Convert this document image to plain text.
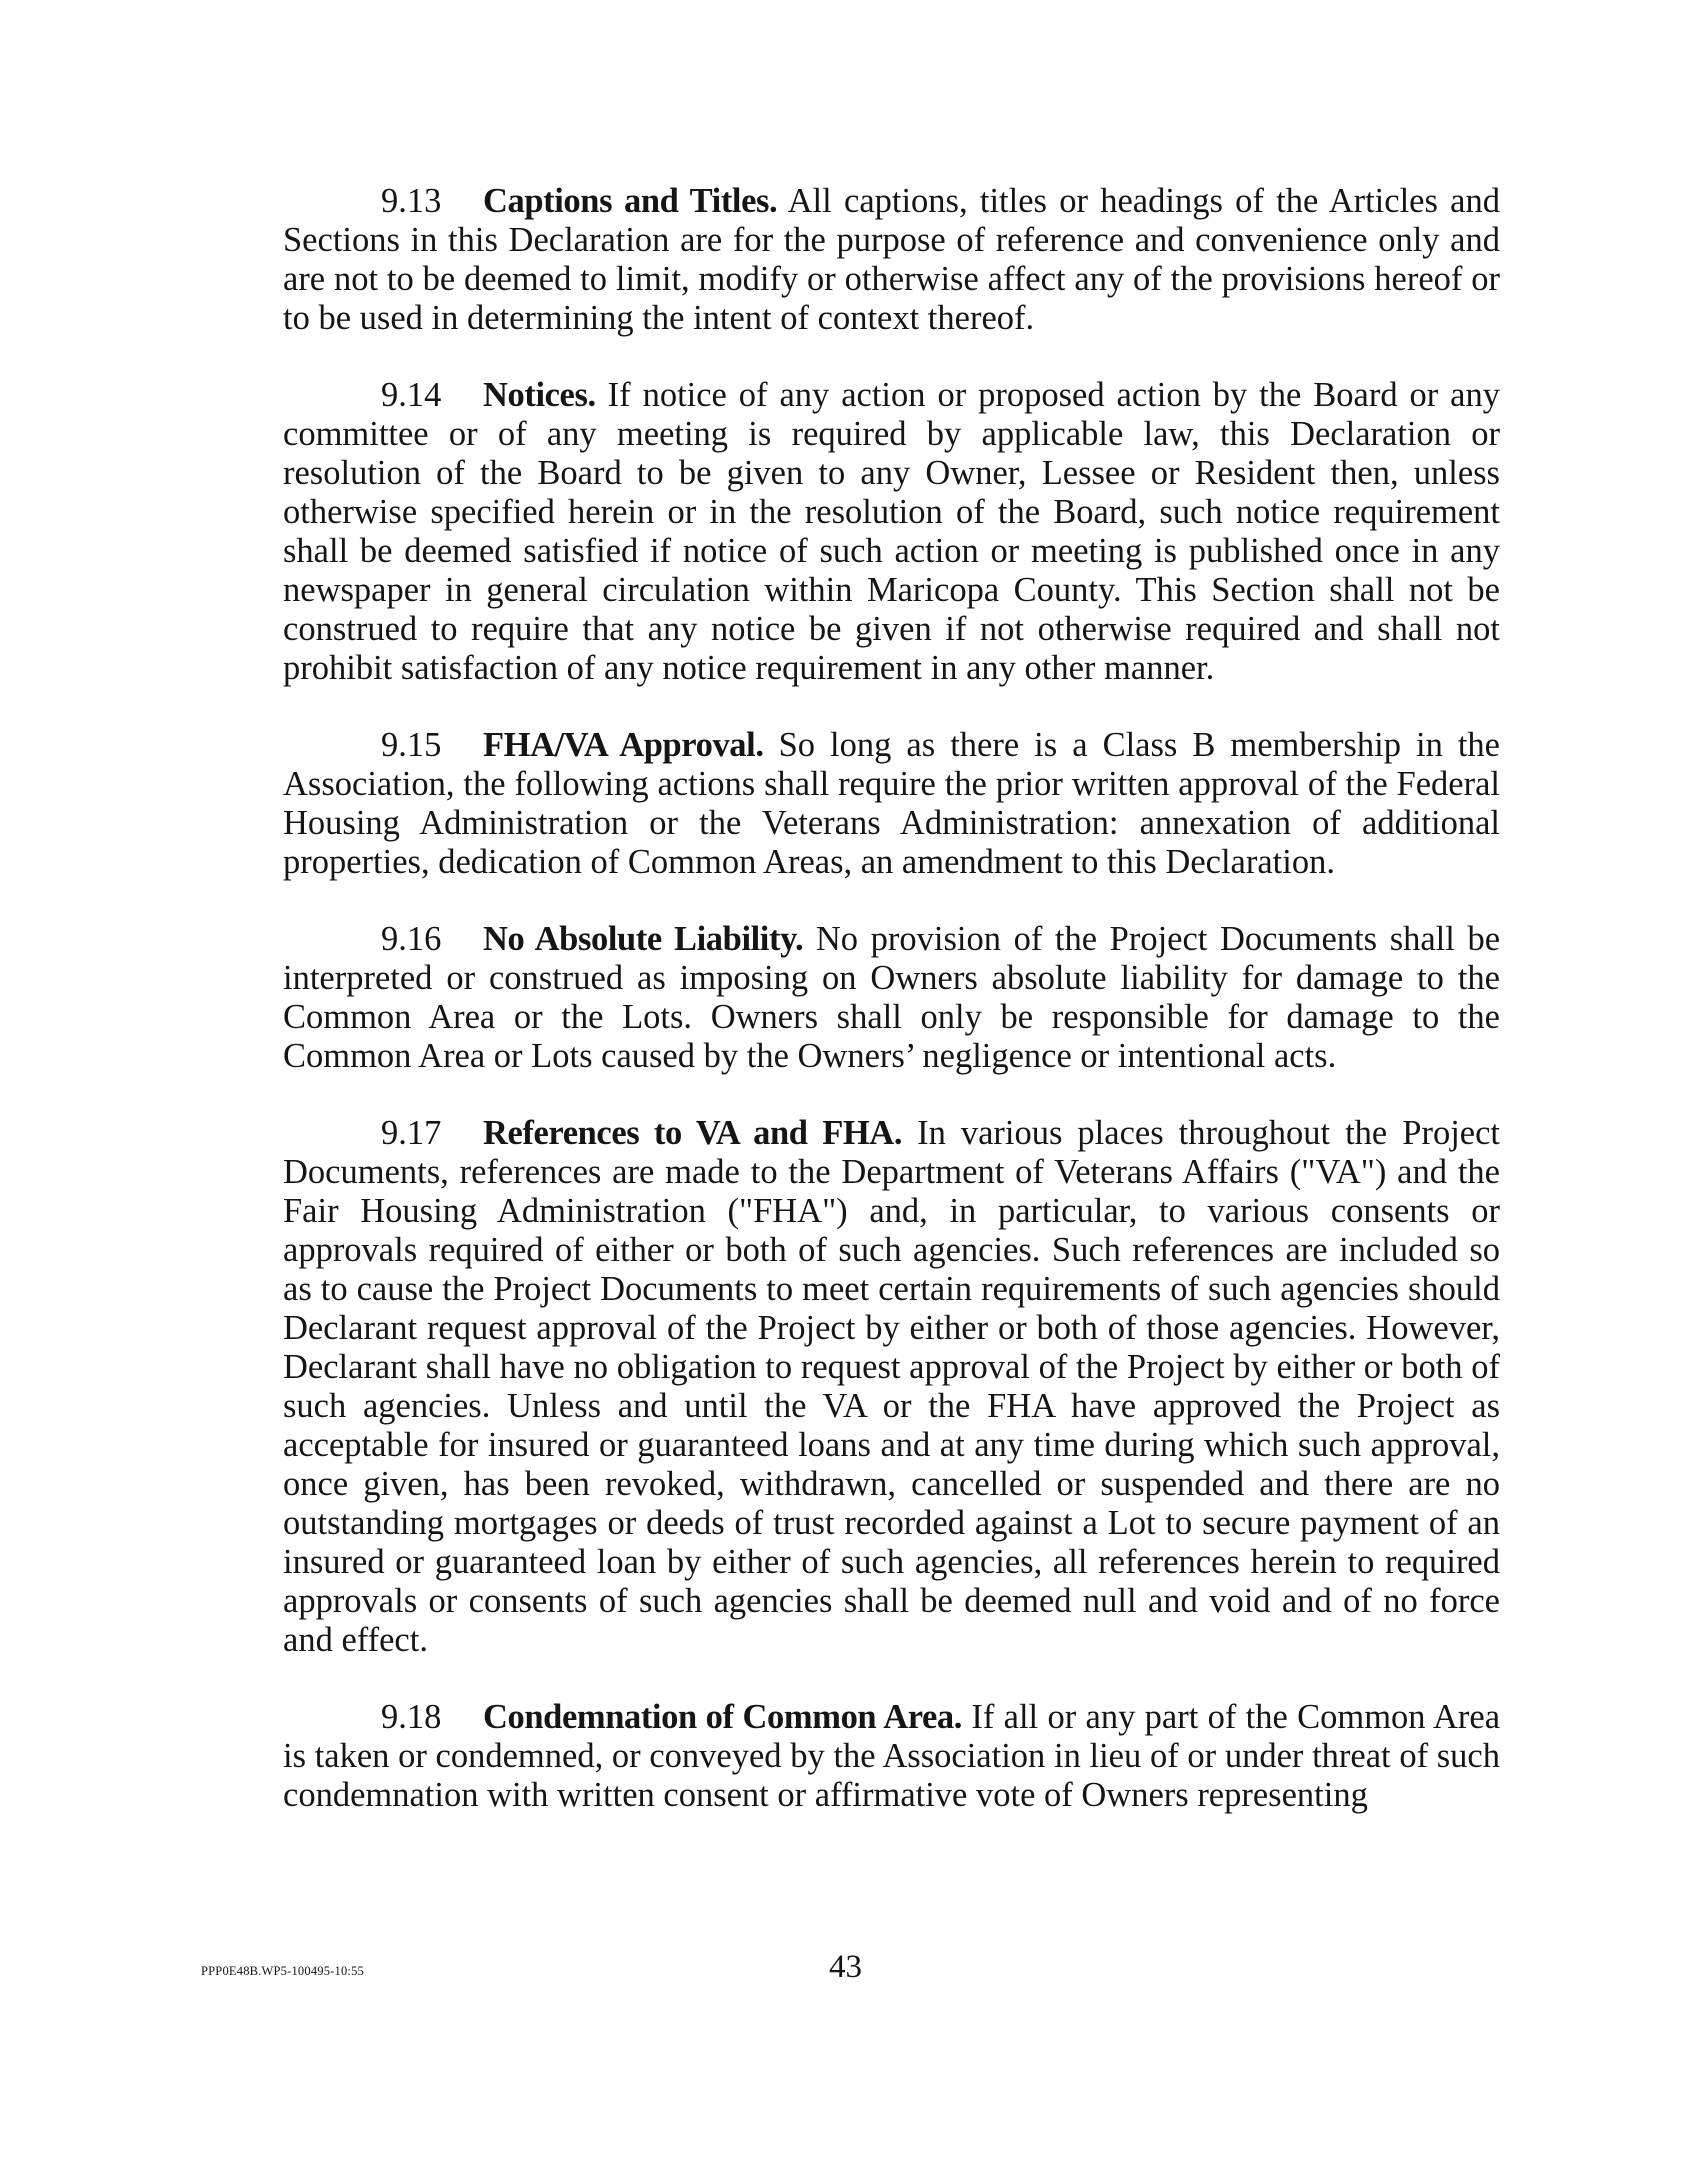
9.13 Captions and Titles. All captions, titles or headings of the Articles and Sections in this Declaration are for the purpose of reference and convenience only and are not to be deemed to limit, modify or otherwise affect any of the provisions hereof or to be used in determining the intent of context thereof.

9.14 Notices. If notice of any action or proposed action by the Board or any committee or of any meeting is required by applicable law, this Declaration or resolution of the Board to be given to any Owner, Lessee or Resident then, unless otherwise specified herein or in the resolution of the Board, such notice requirement shall be deemed satisfied if notice of such action or meeting is published once in any newspaper in general circulation within Maricopa County. This Section shall not be construed to require that any notice be given if not otherwise required and shall not prohibit satisfaction of any notice requirement in any other manner.

9.15 FHA/VA Approval. So long as there is a Class B membership in the Association, the following actions shall require the prior written approval of the Federal Housing Administration or the Veterans Administration: annexation of additional properties, dedication of Common Areas, an amendment to this Declaration.

9.16 No Absolute Liability. No provision of the Project Documents shall be interpreted or construed as imposing on Owners absolute liability for damage to the Common Area or the Lots. Owners shall only be responsible for damage to the Common Area or Lots caused by the Owners’ negligence or intentional acts.

9.17 References to VA and FHA. In various places throughout the Project Documents, references are made to the Department of Veterans Affairs ("VA") and the Fair Housing Administration ("FHA") and, in particular, to various consents or approvals required of either or both of such agencies. Such references are included so as to cause the Project Documents to meet certain requirements of such agencies should Declarant request approval of the Project by either or both of those agencies. However, Declarant shall have no obligation to request approval of the Project by either or both of such agencies. Unless and until the VA or the FHA have approved the Project as acceptable for insured or guaranteed loans and at any time during which such approval, once given, has been revoked, withdrawn, cancelled or suspended and there are no outstanding mortgages or deeds of trust recorded against a Lot to secure payment of an insured or guaranteed loan by either of such agencies, all references herein to required approvals or consents of such agencies shall be deemed null and void and of no force and effect.

9.18 Condemnation of Common Area. If all or any part of the Common Area is taken or condemned, or conveyed by the Association in lieu of or under threat of such condemnation with written consent or affirmative vote of Owners representing

PPP0E48B.WP5-100495-10:55	43
